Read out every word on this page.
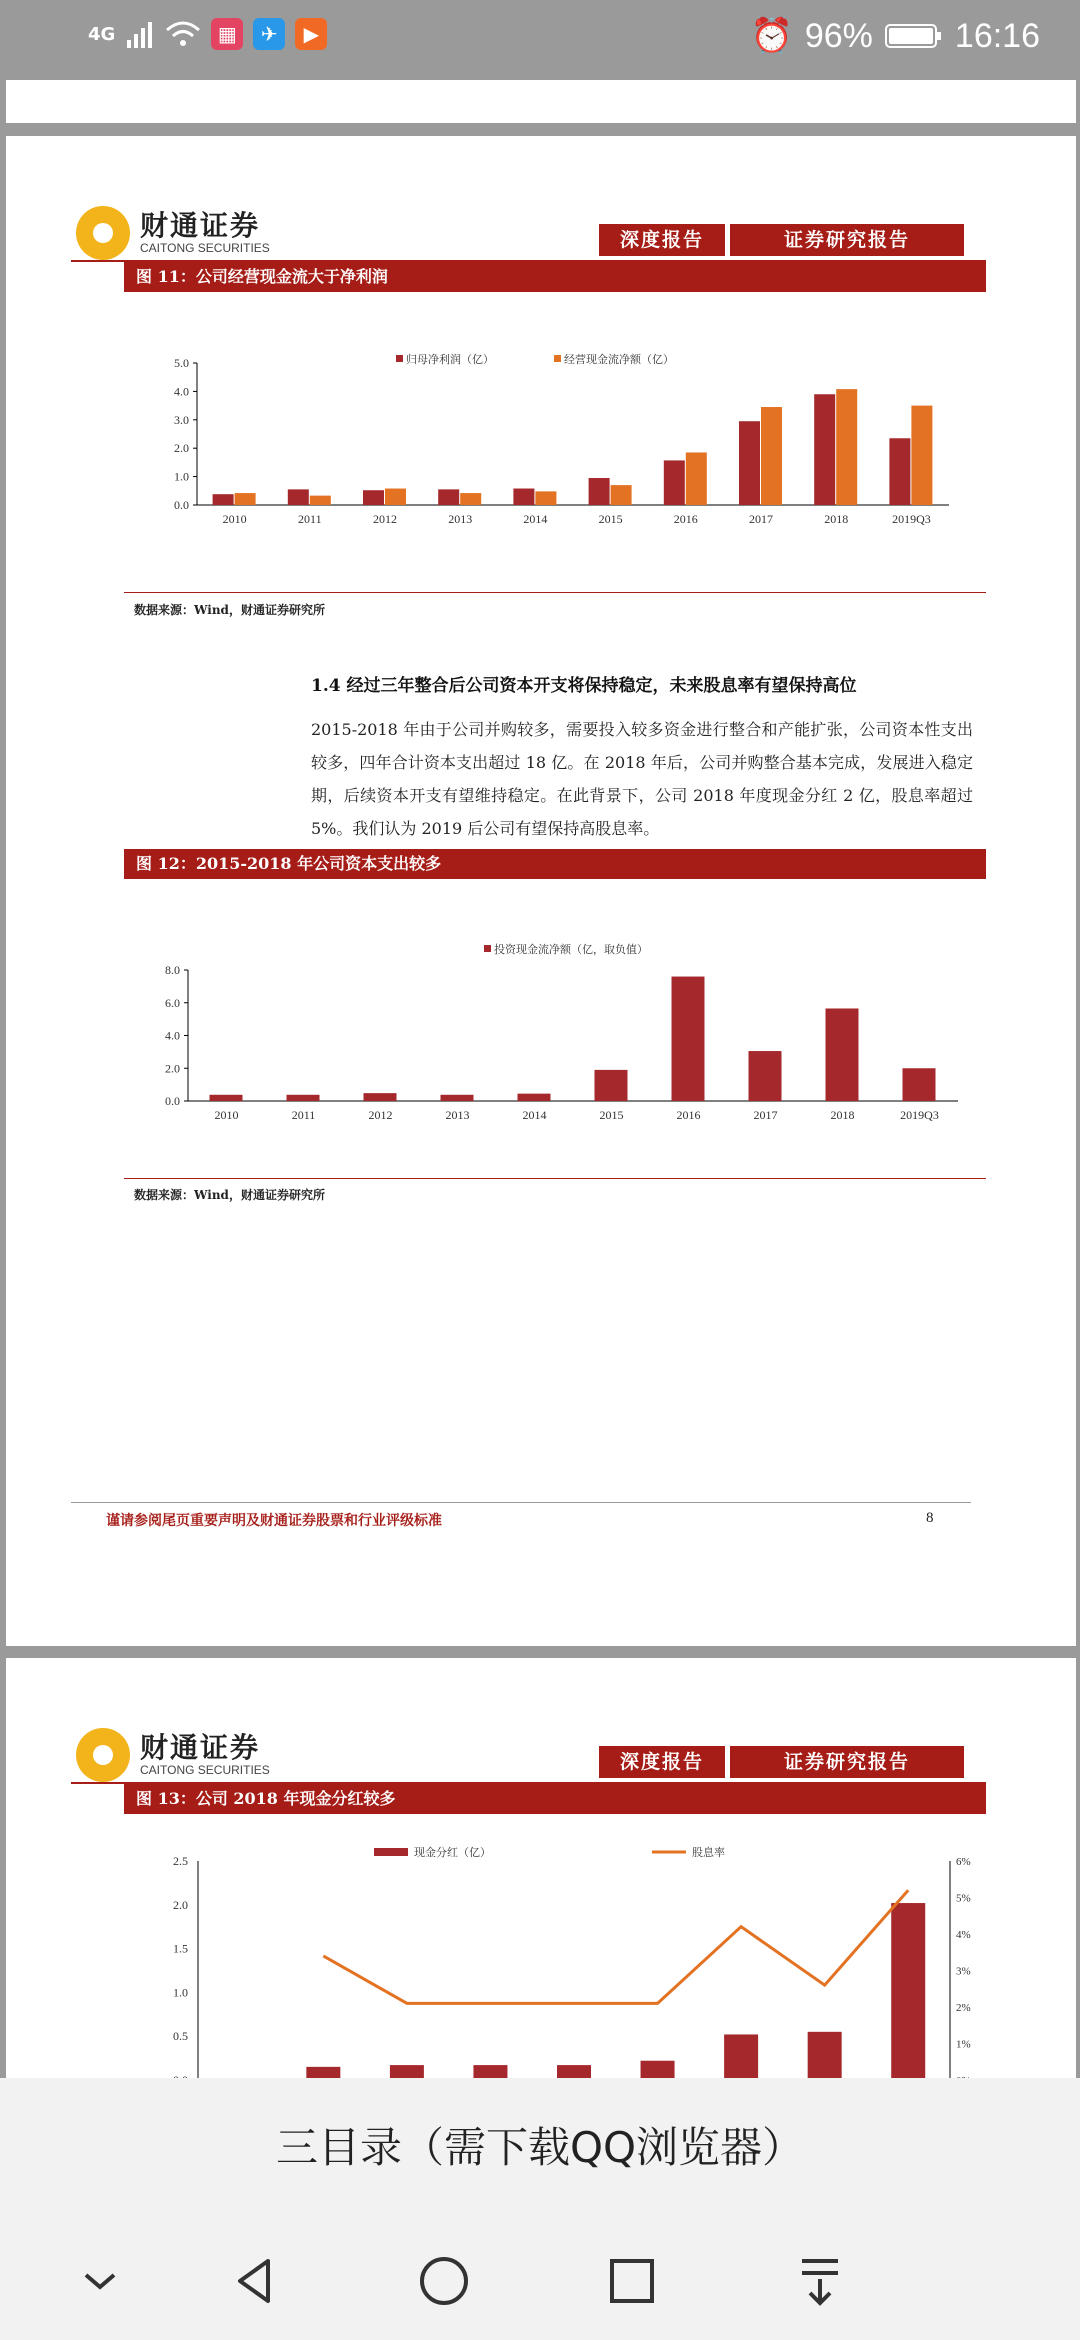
4G	▦	✈	▶	⏰ 96% 16:16
财通证券
CAITONG SECURITIES	深度报告	证券研究报告
图 11：公司经营现金流大于净利润
5.0
4.0
3.0
2.0
1.0
0.0
2010	2011	2012	2013	2014	2015	2016	2017	2018	2019Q3
归母净利润（亿）	经营现金流净额（亿）
数据来源：Wind，财通证券研究所
1.4 经过三年整合后公司资本开支将保持稳定，未来股息率有望保持高位
2015-2018 年由于公司并购较多，需要投入较多资金进行整合和产能扩张，公司资本性支出较多，四年合计资本支出超过 18 亿。在 2018 年后，公司并购整合基本完成，发展进入稳定期，后续资本开支有望维持稳定。在此背景下，公司 2018 年度现金分红 2 亿，股息率超过 5%。我们认为 2019 后公司有望保持高股息率。
图 12：2015-2018 年公司资本支出较多
8.0
6.0
4.0
2.0
0.0
2010	2011	2012	2013	2014	2015	2016	2017	2018	2019Q3
投资现金流净额（亿，取负值）
数据来源：Wind，财通证券研究所
谨请参阅尾页重要声明及财通证券股票和行业评级标准	8
财通证券
CAITONG SECURITIES	深度报告	证券研究报告
图 13：公司 2018 年现金分红较多
2.5
2.0
1.5
1.0
0.5
6%
5%
4%
3%
2%
1%
现金分红（亿）	股息率
三目录（需下载QQ浏览器）
